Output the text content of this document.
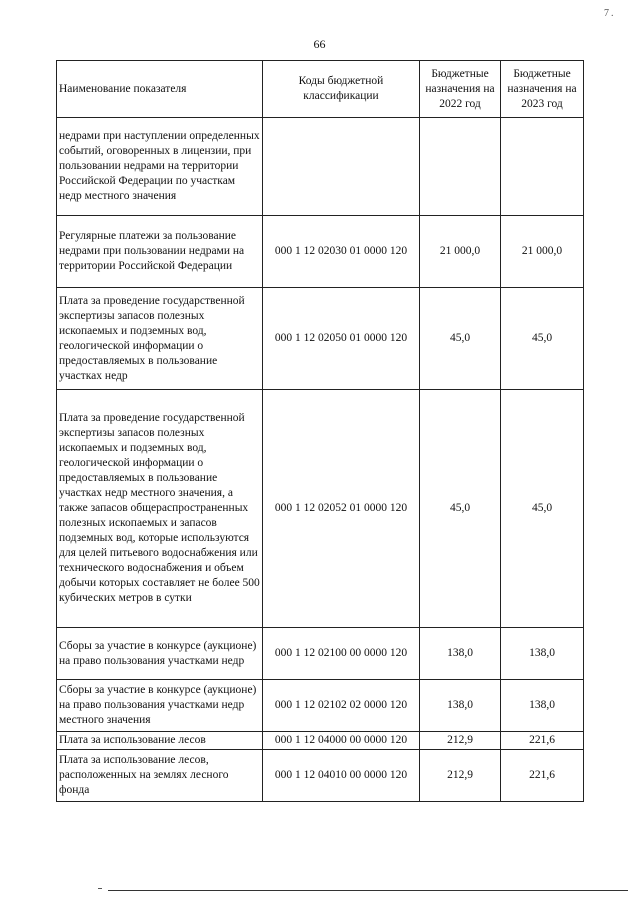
7.
66
Наименование показателя	Коды бюджетной классификации	Бюджетные назначения на 2022 год	Бюджетные назначения на 2023 год
недрами при наступлении определенных событий, оговоренных в лицензии, при пользовании недрами на территории Российской Федерации по участкам недр местного значения			
Регулярные платежи за пользование недрами при пользовании недрами на территории Российской Федерации	000 1 12 02030 01 0000 120	21 000,0	21 000,0
Плата за проведение государственной экспертизы запасов полезных ископаемых и подземных вод, геологической информации о предоставляемых в пользование участках недр	000 1 12 02050 01 0000 120	45,0	45,0
Плата за проведение государственной экспертизы запасов полезных ископаемых и подземных вод, геологической информации о предоставляемых в пользование участках недр местного значения, а также запасов общераспространенных полезных ископаемых и запасов подземных вод, которые используются для целей питьевого водоснабжения или технического водоснабжения и объем добычи которых составляет не более 500 кубических метров в сутки	000 1 12 02052 01 0000 120	45,0	45,0
Сборы за участие в конкурсе (аукционе) на право пользования участками недр	000 1 12 02100 00 0000 120	138,0	138,0
Сборы за участие в конкурсе (аукционе) на право пользования участками недр местного значения	000 1 12 02102 02 0000 120	138,0	138,0
Плата за использование лесов	000 1 12 04000 00 0000 120	212,9	221,6
Плата за использование лесов, расположенных на землях лесного фонда	000 1 12 04010 00 0000 120	212,9	221,6
